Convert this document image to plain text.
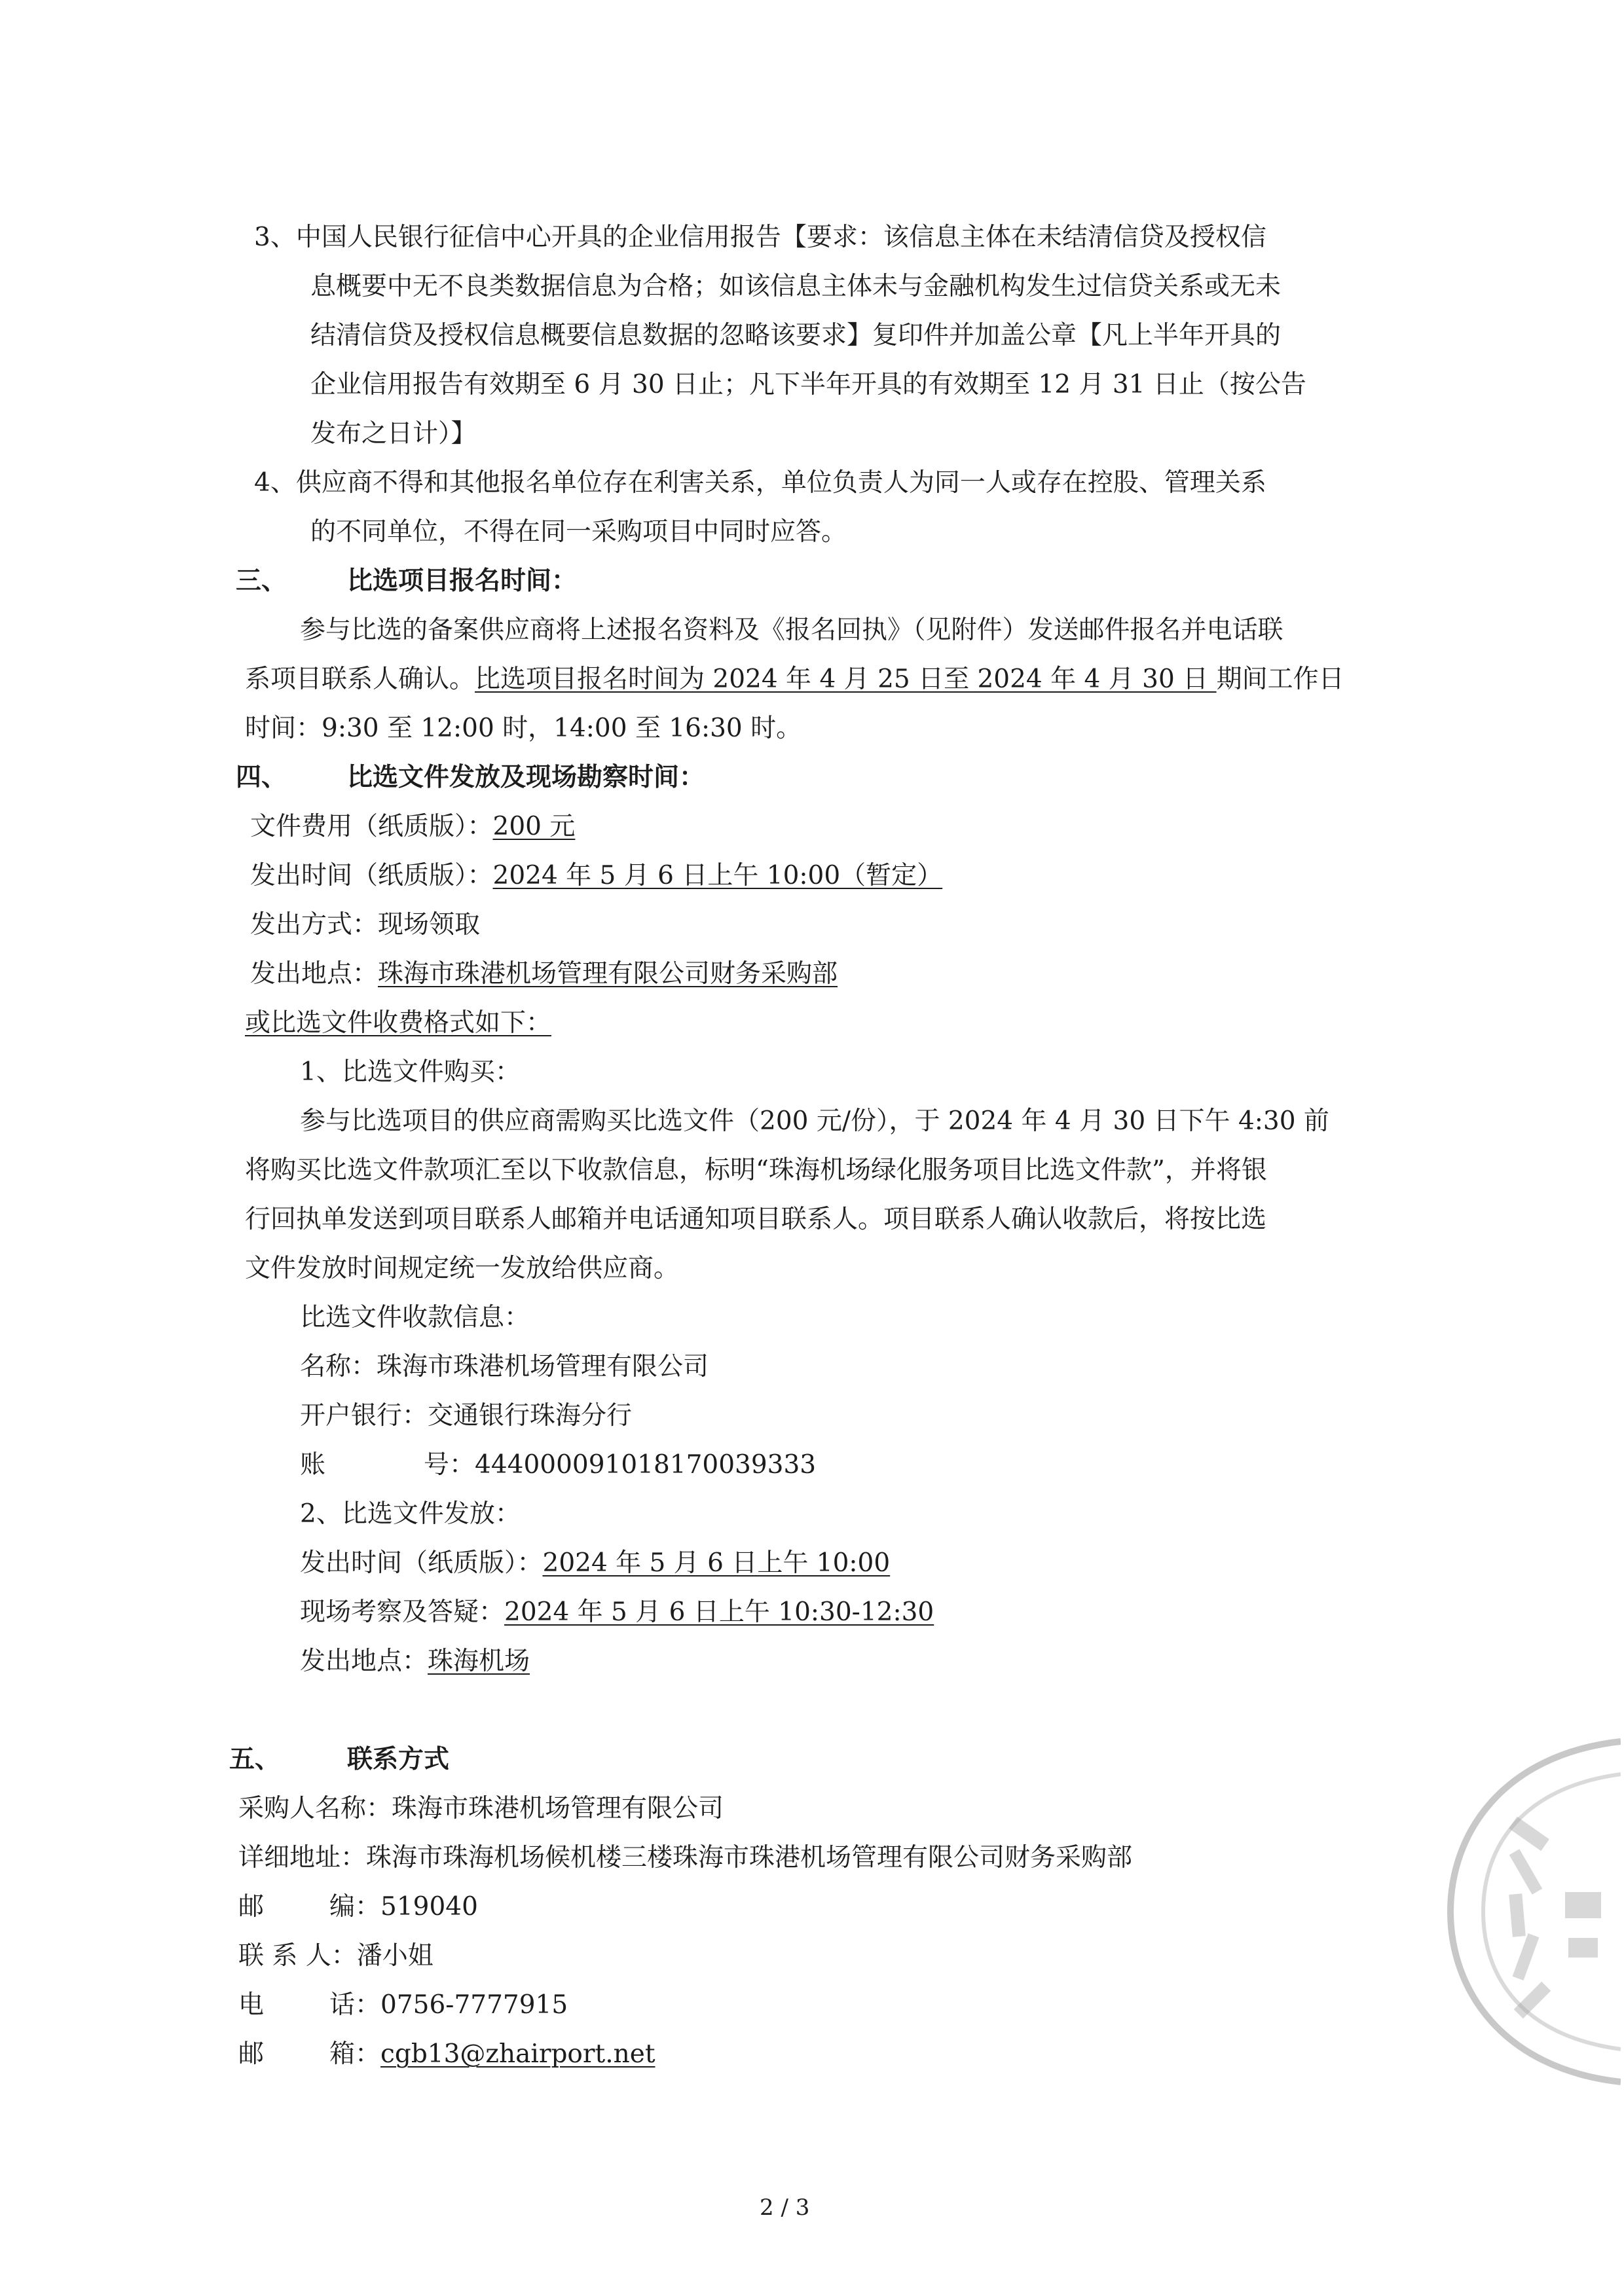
3、中国人民银行征信中心开具的企业信用报告【要求：该信息主体在未结清信贷及授权信
息概要中无不良类数据信息为合格；如该信息主体未与金融机构发生过信贷关系或无未
结清信贷及授权信息概要信息数据的忽略该要求】复印件并加盖公章【凡上半年开具的
企业信用报告有效期至 6 月 30 日止；凡下半年开具的有效期至 12 月 31 日止（按公告
发布之日计）】
4、供应商不得和其他报名单位存在利害关系，单位负责人为同一人或存在控股、管理关系
的不同单位，不得在同一采购项目中同时应答。
三、 比选项目报名时间：
参与比选的备案供应商将上述报名资料及《报名回执》（见附件）发送邮件报名并电话联
系项目联系人确认。比选项目报名时间为 2024 年 4 月 25 日至 2024 年 4 月 30 日 期间工作日
时间：9:30 至 12:00 时，14:00 至 16:30 时。
四、 比选文件发放及现场勘察时间：
文件费用（纸质版）：200 元
发出时间（纸质版）：2024 年 5 月 6 日上午 10:00（暂定）
发出方式：现场领取
发出地点：珠海市珠港机场管理有限公司财务采购部
或比选文件收费格式如下：
1、比选文件购买：
参与比选项目的供应商需购买比选文件（200 元/份），于 2024 年 4 月 30 日下午 4:30 前
将购买比选文件款项汇至以下收款信息，标明“珠海机场绿化服务项目比选文件款”，并将银
行回执单发送到项目联系人邮箱并电话通知项目联系人。项目联系人确认收款后，将按比选
文件发放时间规定统一发放给供应商。
比选文件收款信息：
名称：珠海市珠港机场管理有限公司
开户银行：交通银行珠海分行
账	号：444000091018170039333
2、比选文件发放：
发出时间（纸质版）：2024 年 5 月 6 日上午 10:00
现场考察及答疑：2024 年 5 月 6 日上午 10:30-12:30
发出地点：珠海机场
五、	联系方式
采购人名称：珠海市珠港机场管理有限公司
详细地址：珠海市珠海机场候机楼三楼珠海市珠港机场管理有限公司财务采购部
邮	编：519040
联 系 人：潘小姐
电	话：0756-7777915
邮	箱：cgb13@zhairport.net
2 / 3
